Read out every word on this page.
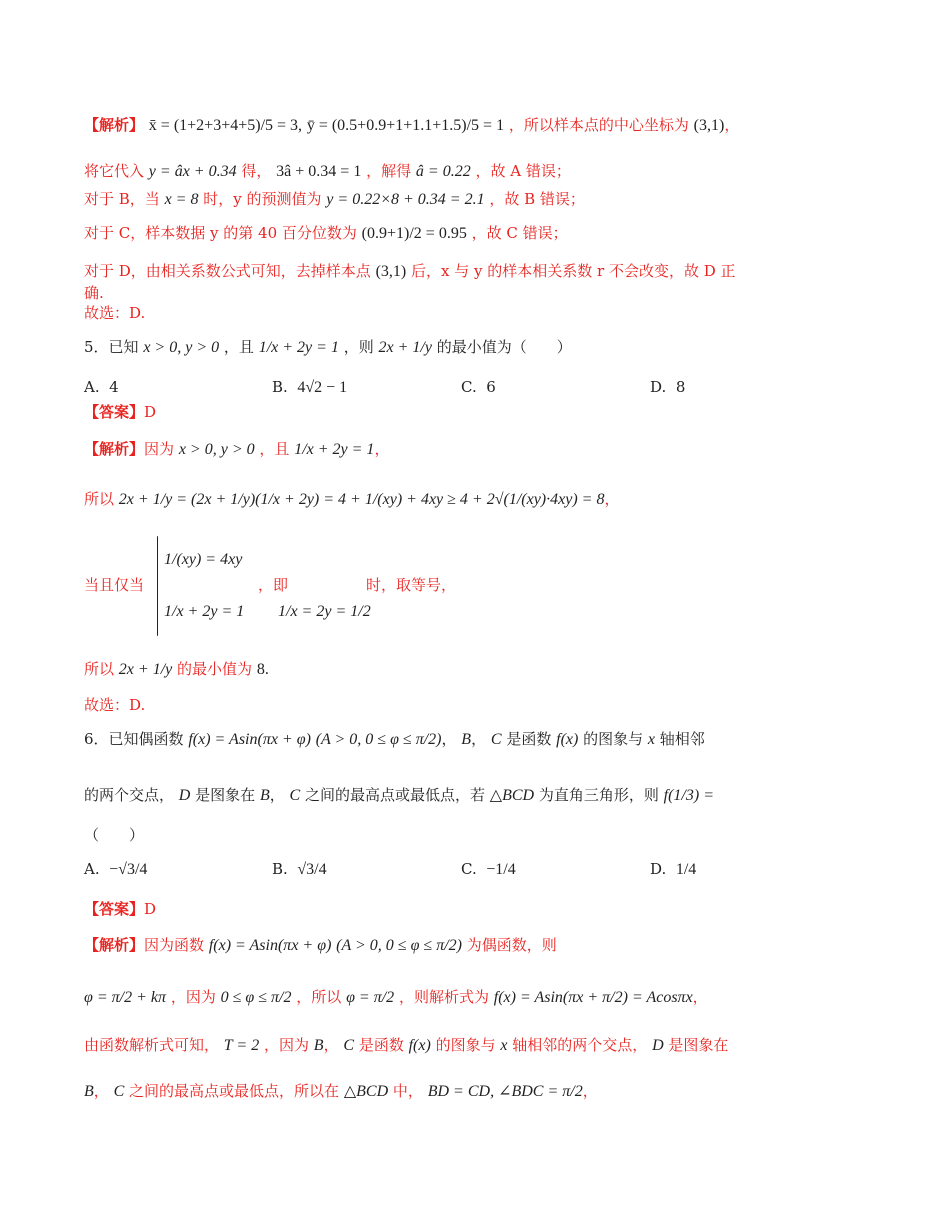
【解析】 x̄ = (1+2+3+4+5)/5 = 3, ȳ = (0.5+0.9+1+1.1+1.5)/5 = 1 ，所以样本点的中心坐标为 (3,1)，
将它代入 y = âx + 0.34 得， 3â + 0.34 = 1 ，解得 â = 0.22 ，故 A 错误；
对于 B，当 x = 8 时，y 的预测值为 y = 0.22×8 + 0.34 = 2.1 ，故 B 错误；
对于 C，样本数据 y 的第 40 百分位数为 (0.9+1)/2 = 0.95 ，故 C 错误；
对于 D，由相关系数公式可知，去掉样本点 (3,1) 后，x 与 y 的样本相关系数 r 不会改变，故 D 正
确.
故选：D.
5．已知 x > 0, y > 0 ，且 1/x + 2y = 1 ，则 2x + 1/y 的最小值为（　　）
A. 4	B. 4√2 − 1	C. 6	D. 8
【答案】D
【解析】因为 x > 0, y > 0 ，且 1/x + 2y = 1，
所以 2x + 1/y = (2x + 1/y)(1/x + 2y) = 4 + 1/(xy) + 4xy ≥ 4 + 2√(1/(xy)·4xy) = 8，
1/(xy) = 4xy
1/x + 2y = 1
当且仅当	，即
1/x = 2y = 1/2
时，取等号，
所以 2x + 1/y 的最小值为 8.
故选：D.
6．已知偶函数 f(x) = Asin(πx + φ) (A > 0, 0 ≤ φ ≤ π/2)， B， C 是函数 f(x) 的图象与 x 轴相邻
的两个交点， D 是图象在 B， C 之间的最高点或最低点，若 △BCD 为直角三角形，则 f(1/3) =
（　　）
A. −√3/4	B. √3/4	C. −1/4	D. 1/4
【答案】D
【解析】因为函数 f(x) = Asin(πx + φ) (A > 0, 0 ≤ φ ≤ π/2) 为偶函数，则
φ = π/2 + kπ ，因为 0 ≤ φ ≤ π/2 ，所以 φ = π/2 ，则解析式为 f(x) = Asin(πx + π/2) = Acosπx，
由函数解析式可知， T = 2 ，因为 B， C 是函数 f(x) 的图象与 x 轴相邻的两个交点， D 是图象在
B， C 之间的最高点或最低点，所以在 △BCD 中， BD = CD, ∠BDC = π/2，
